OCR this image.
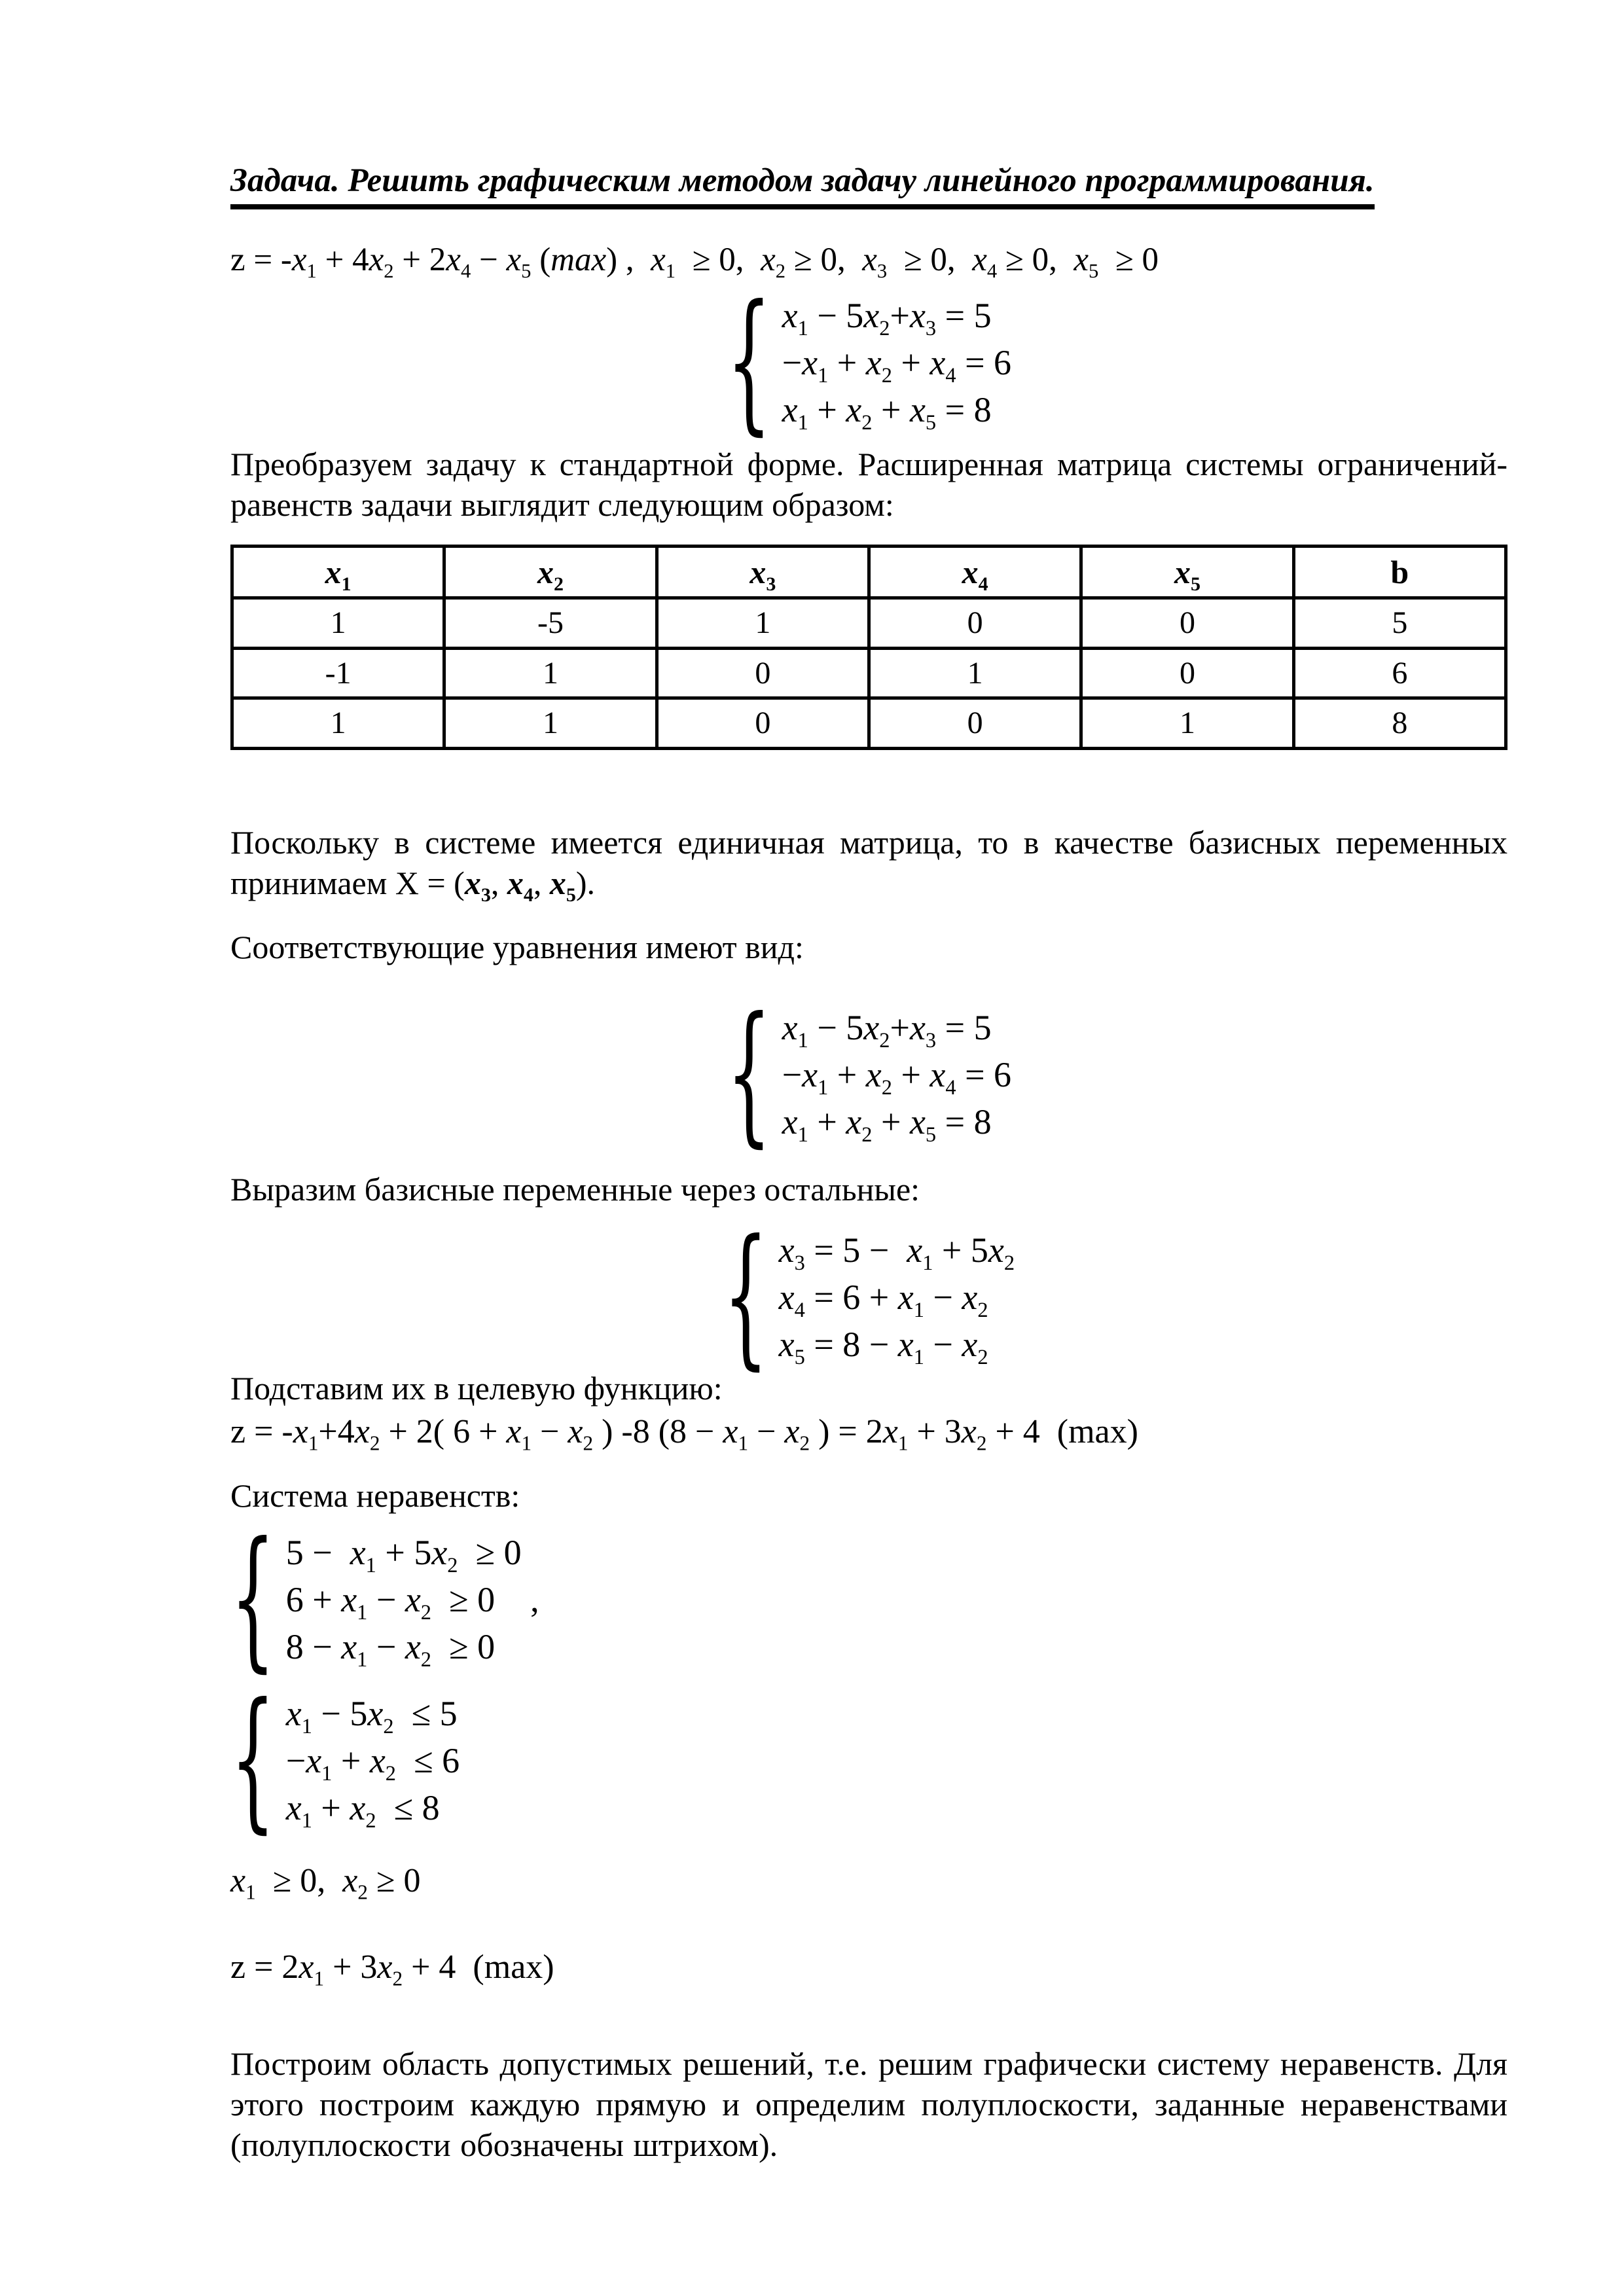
Задача. Решить графическим методом задачу линейного программирования.

$z = -x_1 + 4x_2 + 2x_4 - x_5$ (max) ,  $x_1 \ge 0$,  $x_2 \ge 0$,  $x_3 \ge 0$,  $x_4 \ge 0$,  $x_5 \ge 0$

{ $x_1 - 5x_2+x_3 = 5$
$-x_1 + x_2 + x_4 = 6$
$x_1 + x_2 + x_5 = 8$

Преобразуем задачу к стандартной форме. Расширенная матрица системы ограничений-равенств задачи выглядит следующим образом:

$x_1$	$x_2$	$x_3$	$x_4$	$x_5$	b
1	-5	1	0	0	5
-1	1	0	1	0	6
1	1	0	0	1	8

Поскольку в системе имеется единичная матрица, то в качестве базисных переменных принимаем $X = (x_3$, $x_4$, $x_5$).

Соответствующие уравнения имеют вид:

{ $x_1 - 5x_2+x_3 = 5$
$-x_1 + x_2 + x_4 = 6$
$x_1 + x_2 + x_5 = 8$

Выразим базисные переменные через остальные:

{ $x_3 = 5 - x_1 + 5x_2$
$x_4 = 6 + x_1 - x_2$
$x_5 = 8 - x_1 - x_2$

Подставим их в целевую функцию:

$z = -x_1+4x_2 + 2$( $6 + x_1 - x_2$ ) -8 ($8 - x_1 - x_2$ ) = $2x_1 + 3x_2 + 4$  (max)

Система неравенств:

{ $5 - x_1 + 5x_2 \ge 0$
$6 + x_1 - x_2 \ge 0$    ,
$8 - x_1 - x_2 \ge 0$
{ $x_1 - 5x_2 \le 5$
$-x_1 + x_2 \le 6$
$x_1 + x_2 \le 8$

$x_1 \ge 0$,  $x_2 \ge 0$

$z = 2x_1 + 3x_2 + 4$  (max)

Построим область допустимых решений, т.е. решим графически систему неравенств. Для этого построим каждую прямую и определим полуплоскости, заданные неравенствами (полуплоскости обозначены штрихом).
